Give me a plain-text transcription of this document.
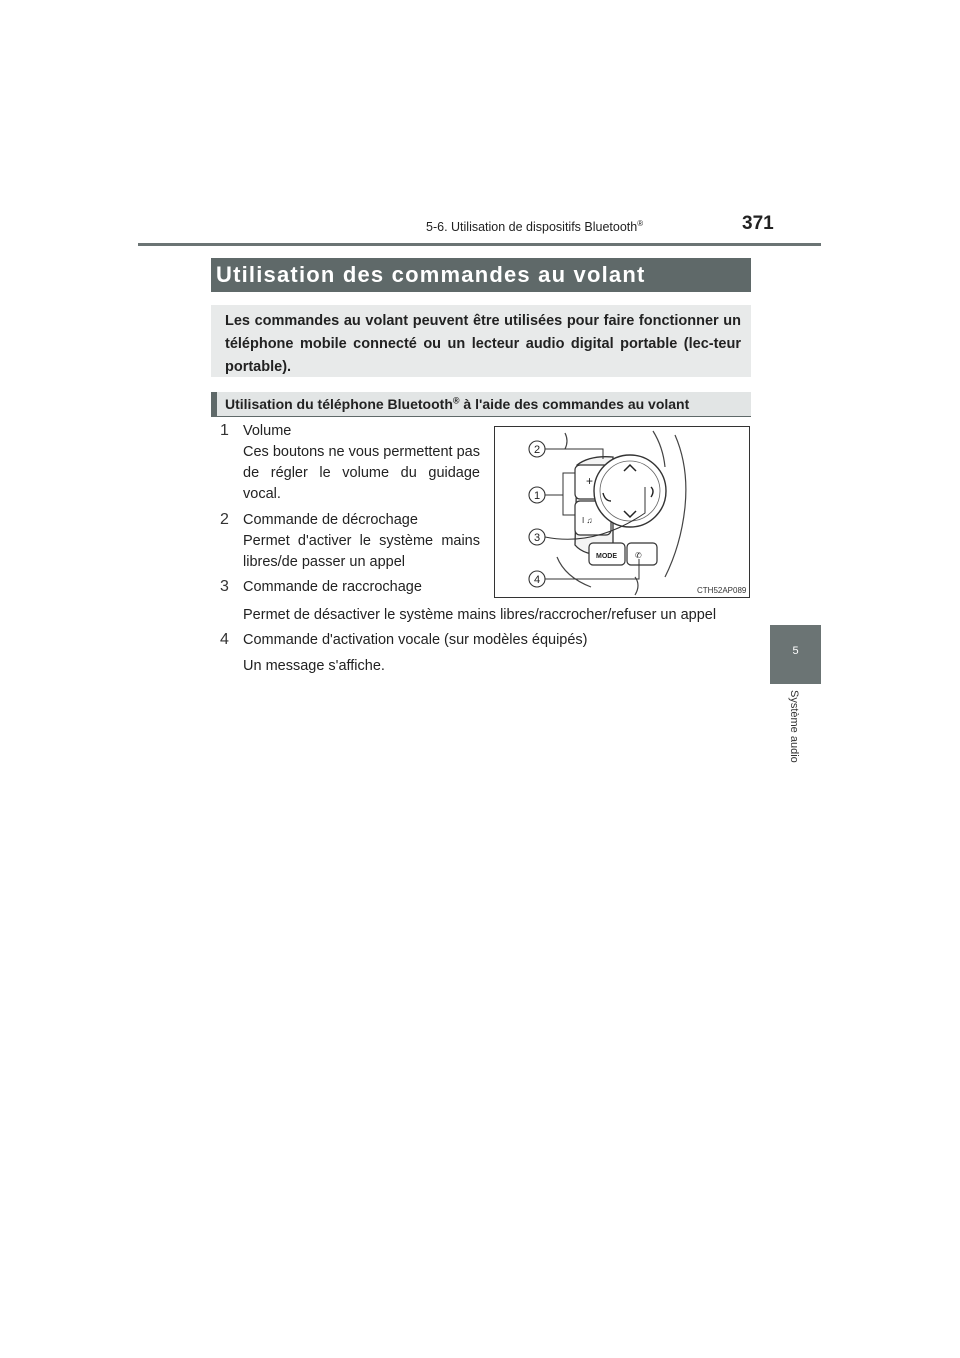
5-6. Utilisation de dispositifs Bluetooth®	371
5
Système audio
Utilisation des commandes au volant
Les commandes au volant peuvent être utilisées pour faire fonctionner un téléphone mobile connecté ou un lecteur audio digital portable (lec-teur portable).
Utilisation du téléphone Bluetooth® à l'aide des commandes au volant
1 Volume
Ces boutons ne vous permettent pas de régler le volume du guidage vocal.
2 Commande de décrochage
Permet d'activer le système mains libres/de passer un appel
3 Commande de raccrochage
Permet de désactiver le système mains libres/raccrocher/refuser un appel
4 Commande d'activation vocale (sur modèles équipés)
Un message s'affiche.
+
I ♫
MODE ✆
2
1
3
4
CTH52AP089
